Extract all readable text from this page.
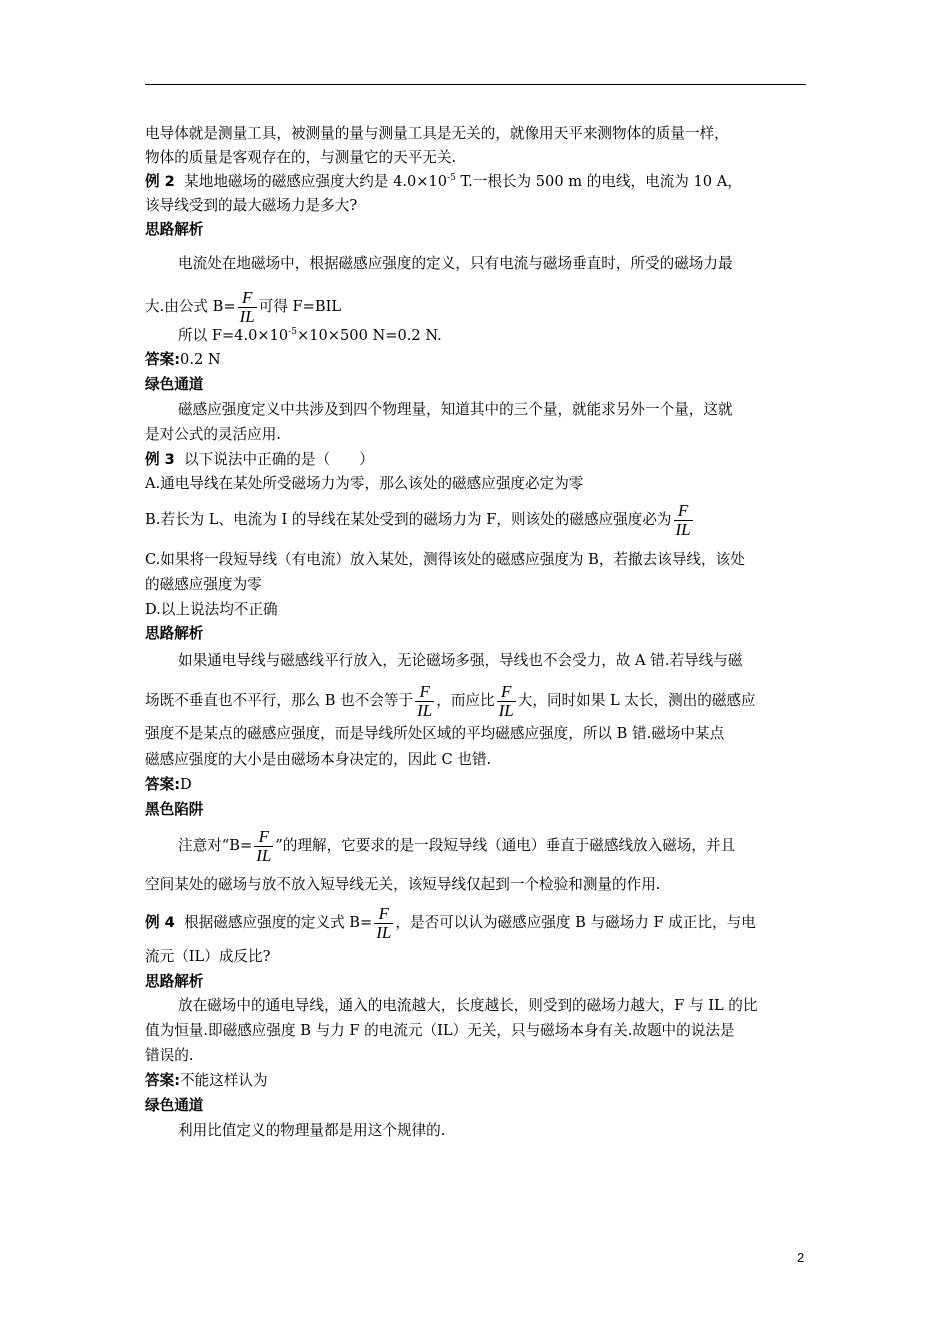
电导体就是测量工具，被测量的量与测量工具是无关的，就像用天平来测物体的质量一样，
物体的质量是客观存在的，与测量它的天平无关.
例 2 某地地磁场的磁感应强度大约是 $4.0\times 10^{-5}$ T.一根长为 500 m 的电线，电流为 10 A，
该导线受到的最大磁场力是多大?
思路解析
电流处在地磁场中，根据磁感应强度的定义，只有电流与磁场垂直时，所受的磁场力最
大.由公式 $B= \frac{F}{IL}$ 可得 F=BIL
所以 $F=4.0\times 10^{-5}\times 10\times 500$ N=0.2 N.
答案:0.2 N
绿色通道
磁感应强度定义中共涉及到四个物理量，知道其中的三个量，就能求另外一个量，这就
是对公式的灵活应用.
例 3 以下说法中正确的是（　　）
A.通电导线在某处所受磁场力为零，那么该处的磁感应强度必定为零
B.若长为 L、电流为 I 的导线在某处受到的磁场力为 F，则该处的磁感应强度必为 $\frac{F}{IL}$
C.如果将一段短导线（有电流）放入某处，测得该处的磁感应强度为 B，若撤去该导线，该处
的磁感应强度为零
D.以上说法均不正确
思路解析
如果通电导线与磁感线平行放入，无论磁场多强，导线也不会受力，故 A 错.若导线与磁
场既不垂直也不平行，那么 B 也不会等于 $\frac{F}{IL}$ ，而应比 $\frac{F}{IL}$ 大，同时如果 L 太长，测出的磁感应
强度不是某点的磁感应强度，而是导线所处区域的平均磁感应强度，所以 B 错.磁场中某点
磁感应强度的大小是由磁场本身决定的，因此 C 也错.
答案:D
黑色陷阱
注意对“$B= \frac{F}{IL}$ ”的理解，它要求的是一段短导线（通电）垂直于磁感线放入磁场，并且
空间某处的磁场与放不放入短导线无关，该短导线仅起到一个检验和测量的作用.
例 4 根据磁感应强度的定义式 $B= \frac{F}{IL}$ ，是否可以认为磁感应强度 B 与磁场力 F 成正比，与电
流元（IL）成反比?
思路解析
放在磁场中的通电导线，通入的电流越大，长度越长，则受到的磁场力越大，F 与 IL 的比
值为恒量.即磁感应强度 B 与力 F 的电流元（IL）无关，只与磁场本身有关.故题中的说法是
错误的.
答案:不能这样认为
绿色通道
利用比值定义的物理量都是用这个规律的.
2
